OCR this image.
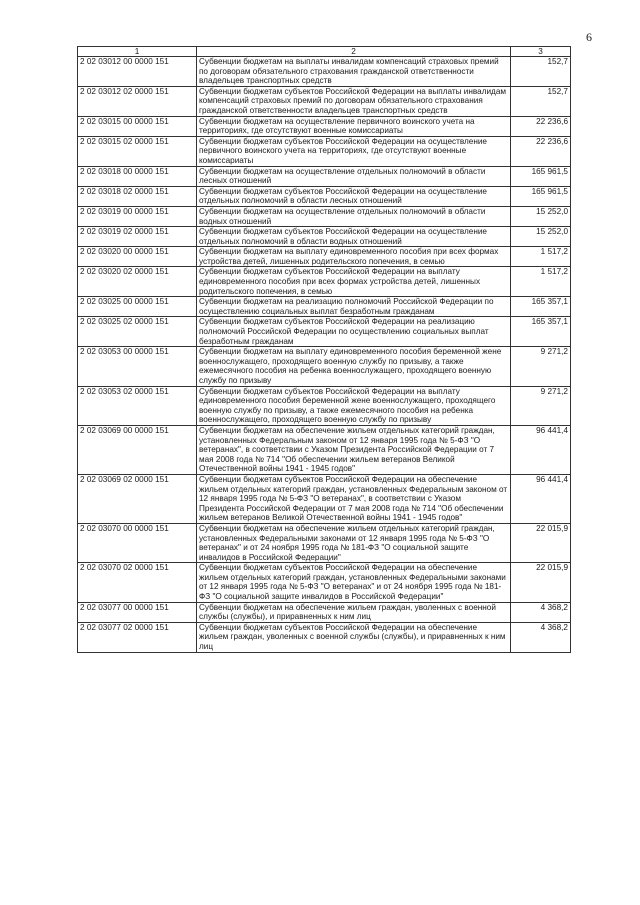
6
1	2	3
2 02 03012 00 0000 151	Субвенции бюджетам на выплаты инвалидам компенсаций страховых премий по договорам обязательного страхования гражданской ответственности владельцев транспортных средств	152,7
2 02 03012 02 0000 151	Субвенции бюджетам субъектов Российской Федерации на выплаты инвалидам компенсаций страховых премий по договорам обязательного страхования гражданской ответственности владельцев транспортных средств	152,7
2 02 03015 00 0000 151	Субвенции бюджетам на осуществление первичного воинского учета на территориях, где отсутствуют военные комиссариаты	22 236,6
2 02 03015 02 0000 151	Субвенции бюджетам субъектов Российской Федерации на осуществление первичного воинского учета на территориях, где отсутствуют военные комиссариаты	22 236,6
2 02 03018 00 0000 151	Субвенции бюджетам на осуществление отдельных полномочий в области лесных отношений	165 961,5
2 02 03018 02 0000 151	Субвенции бюджетам субъектов Российской Федерации на осуществление отдельных полномочий в области лесных отношений	165 961,5
2 02 03019 00 0000 151	Субвенции бюджетам на осуществление отдельных полномочий в области водных отношений	15 252,0
2 02 03019 02 0000 151	Субвенции бюджетам субъектов Российской Федерации на осуществление отдельных полномочий в области водных отношений	15 252,0
2 02 03020 00 0000 151	Субвенции бюджетам на выплату единовременного пособия при всех формах устройства детей, лишенных родительского попечения, в семью	1 517,2
2 02 03020 02 0000 151	Субвенции бюджетам субъектов Российской Федерации на выплату единовременного пособия при всех формах устройства детей, лишенных родительского попечения, в семью	1 517,2
2 02 03025 00 0000 151	Субвенции бюджетам на реализацию полномочий Российской Федерации по осуществлению социальных выплат безработным гражданам	165 357,1
2 02 03025 02 0000 151	Субвенции бюджетам субъектов Российской Федерации на реализацию полномочий Российской Федерации по осуществлению социальных выплат безработным гражданам	165 357,1
2 02 03053 00 0000 151	Субвенции бюджетам на выплату единовременного пособия беременной жене военнослужащего, проходящего военную службу по призыву, а также ежемесячного пособия на ребенка военнослужащего, проходящего военную службу по призыву	9 271,2
2 02 03053 02 0000 151	Субвенции бюджетам субъектов Российской Федерации на выплату единовременного пособия беременной жене военнослужащего, проходящего военную службу по призыву, а также ежемесячного пособия на ребенка военнослужащего, проходящего военную службу по призыву	9 271,2
2 02 03069 00 0000 151	Субвенции бюджетам на обеспечение жильем отдельных категорий граждан, установленных Федеральным законом от 12 января 1995 года № 5-ФЗ "О ветеранах", в соответствии с Указом Президента Российской Федерации от 7 мая 2008 года № 714 "Об обеспечении жильем ветеранов Великой Отечественной войны 1941 - 1945 годов"	96 441,4
2 02 03069 02 0000 151	Субвенции бюджетам субъектов Российской Федерации на обеспечение жильем отдельных категорий граждан, установленных Федеральным законом от 12 января 1995 года № 5-ФЗ "О ветеранах", в соответствии с Указом Президента Российской Федерации от 7 мая 2008 года № 714 "Об обеспечении жильем ветеранов Великой Отечественной войны 1941 - 1945 годов"	96 441,4
2 02 03070 00 0000 151	Субвенции бюджетам на обеспечение жильем отдельных категорий граждан, установленных Федеральными законами от 12 января 1995 года № 5-ФЗ "О ветеранах" и от 24 ноября 1995 года № 181-ФЗ "О социальной защите инвалидов в Российской Федерации"	22 015,9
2 02 03070 02 0000 151	Субвенции бюджетам субъектов Российской Федерации на обеспечение жильем отдельных категорий граждан, установленных Федеральными законами от 12 января 1995 года № 5-ФЗ "О ветеранах" и от 24 ноября 1995 года № 181-ФЗ "О социальной защите инвалидов в Российской Федерации"	22 015,9
2 02 03077 00 0000 151	Субвенции бюджетам на обеспечение жильем граждан, уволенных с военной службы (службы), и приравненных к ним лиц	4 368,2
2 02 03077 02 0000 151	Субвенции бюджетам субъектов Российской Федерации на обеспечение жильем граждан, уволенных с военной службы (службы), и приравненных к ним лиц	4 368,2
